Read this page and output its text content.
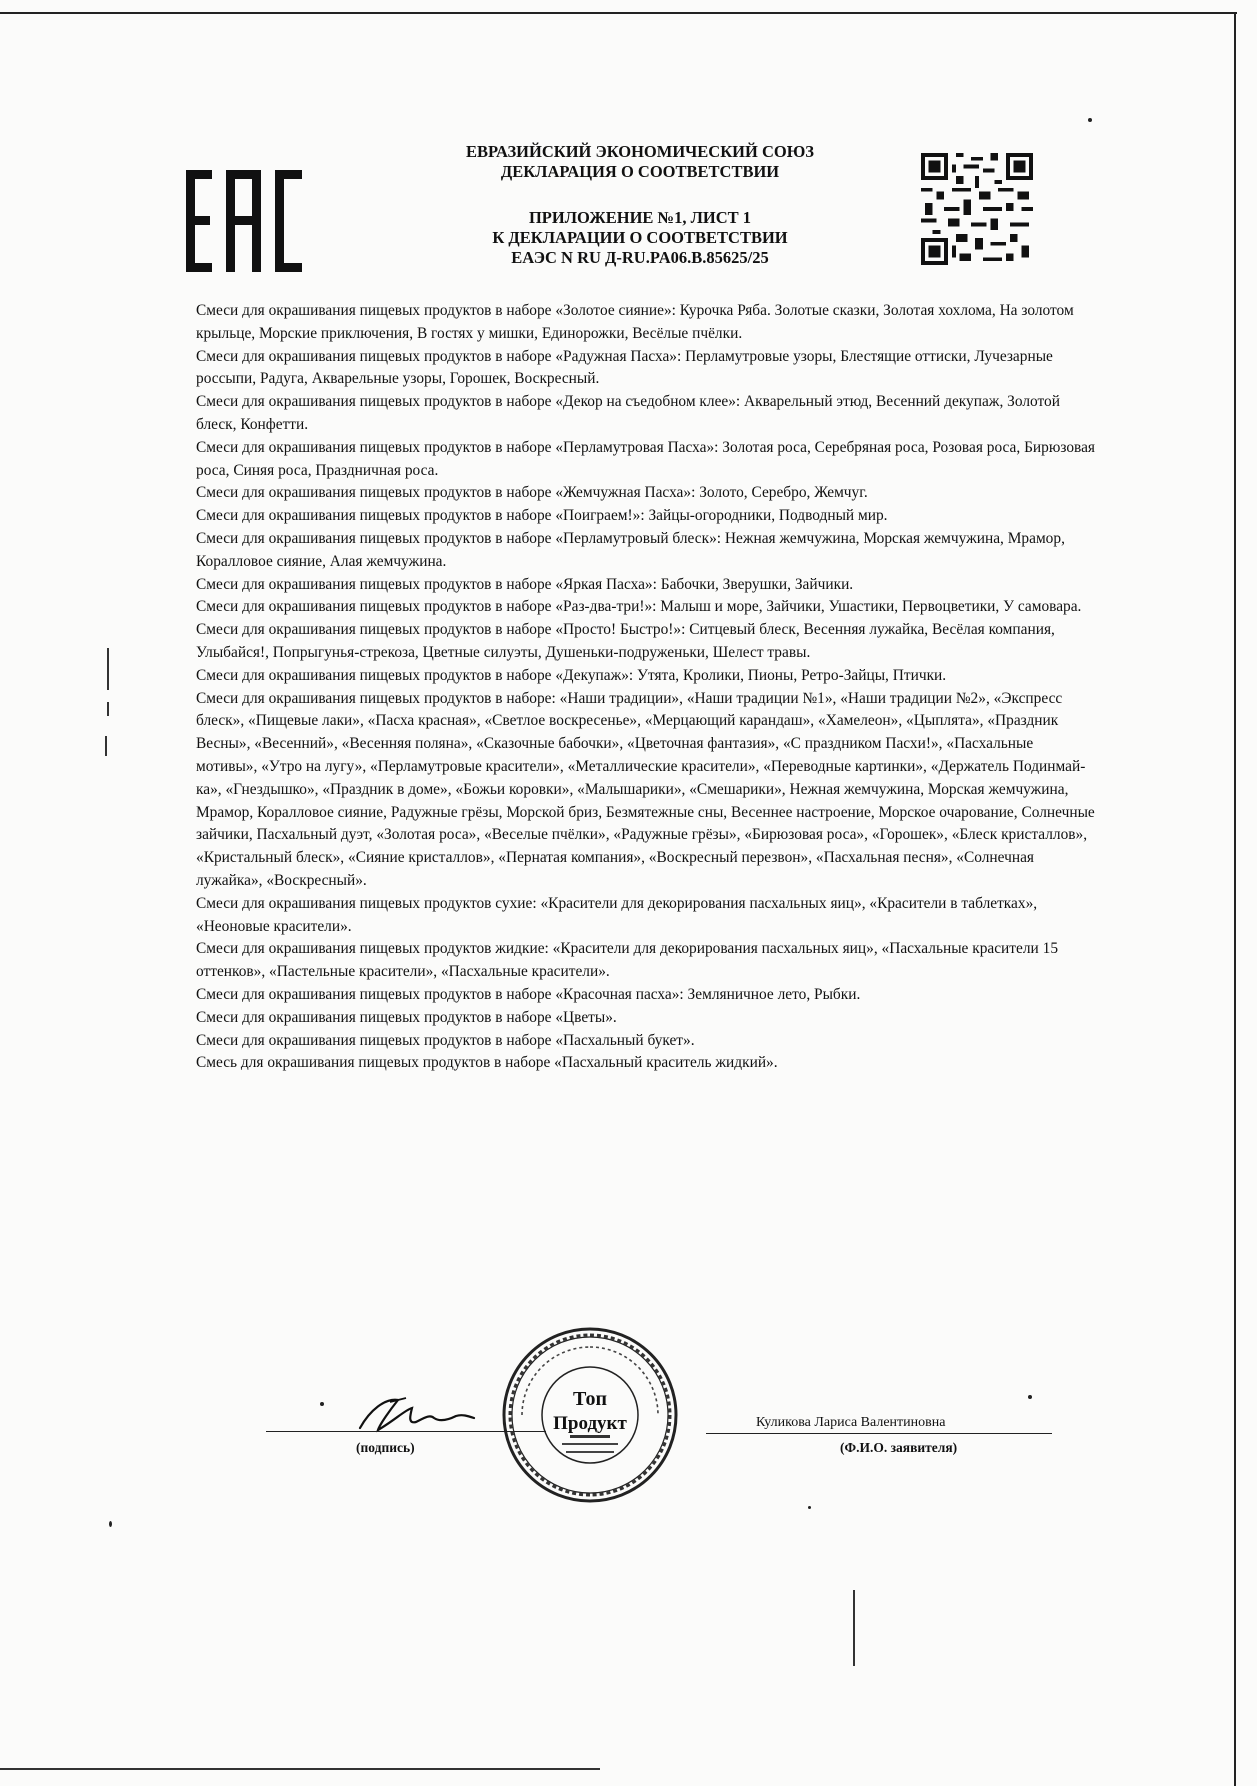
ЕВРАЗИЙСКИЙ ЭКОНОМИЧЕСКИЙ СОЮЗ
ДЕКЛАРАЦИЯ О СООТВЕТСТВИИ
ПРИЛОЖЕНИЕ №1, ЛИСТ 1
К ДЕКЛАРАЦИИ О СООТВЕТСТВИИ
ЕАЭС N RU Д-RU.PA06.B.85625/25

Смеси для окрашивания пищевых продуктов в наборе «Золотое сияние»: Курочка Ряба. Золотые сказки, Золотая хохлома, На золотом крыльце, Морские приключения, В гостях у мишки, Единорожки, Весёлые пчёлки.

Смеси для окрашивания пищевых продуктов в наборе «Радужная Пасха»: Перламутровые узоры, Блестящие оттиски, Лучезарные россыпи, Радуга, Акварельные узоры, Горошек, Воскресный.

Смеси для окрашивания пищевых продуктов в наборе «Декор на съедобном клее»: Акварельный этюд, Весенний декупаж, Золотой блеск, Конфетти.

Смеси для окрашивания пищевых продуктов в наборе «Перламутровая Пасха»: Золотая роса, Серебряная роса, Розовая роса, Бирюзовая роса, Синяя роса, Праздничная роса.

Смеси для окрашивания пищевых продуктов в наборе «Жемчужная Пасха»: Золото, Серебро, Жемчуг.

Смеси для окрашивания пищевых продуктов в наборе «Поиграем!»: Зайцы-огородники, Подводный мир.

Смеси для окрашивания пищевых продуктов в наборе «Перламутровый блеск»: Нежная жемчужина, Морская жемчужина, Мрамор, Коралловое сияние, Алая жемчужина.

Смеси для окрашивания пищевых продуктов в наборе «Яркая Пасха»: Бабочки, Зверушки, Зайчики.

Смеси для окрашивания пищевых продуктов в наборе «Раз-два-три!»: Малыш и море, Зайчики, Ушастики, Первоцветики, У самовара.

Смеси для окрашивания пищевых продуктов в наборе «Просто! Быстро!»: Ситцевый блеск, Весенняя лужайка, Весёлая компания, Улыбайся!, Попрыгунья-стрекоза, Цветные силуэты, Душеньки-подруженьки, Шелест травы.

Смеси для окрашивания пищевых продуктов в наборе «Декупаж»: Утята, Кролики, Пионы, Ретро-Зайцы, Птички.

Смеси для окрашивания пищевых продуктов в наборе: «Наши традиции», «Наши традиции №1», «Наши традиции №2», «Экспресс блеск», «Пищевые лаки», «Пасха красная», «Светлое воскресенье», «Мерцающий карандаш», «Хамелеон», «Цыплята», «Праздник Весны», «Весенний», «Весенняя поляна», «Сказочные бабочки», «Цветочная фантазия», «С праздником Пасхи!», «Пасхальные мотивы», «Утро на лугу», «Перламутровые красители», «Металлические красители», «Переводные картинки», «Держатель Подинмай-ка», «Гнездышко», «Праздник в доме», «Божьи коровки», «Малышарики», «Смешарики», Нежная жемчужина, Морская жемчужина, Мрамор, Коралловое сияние, Радужные грёзы, Морской бриз, Безмятежные сны, Весеннее настроение, Морское очарование, Солнечные зайчики, Пасхальный дуэт, «Золотая роса», «Веселые пчёлки», «Радужные грёзы», «Бирюзовая роса», «Горошек», «Блеск кристаллов», «Кристальный блеск», «Сияние кристаллов», «Пернатая компания», «Воскресный перезвон», «Пасхальная песня», «Солнечная лужайка», «Воскресный».

Смеси для окрашивания пищевых продуктов сухие: «Красители для декорирования пасхальных яиц», «Красители в таблетках», «Неоновые красители».

Смеси для окрашивания пищевых продуктов жидкие: «Красители для декорирования пасхальных яиц», «Пасхальные красители 15 оттенков», «Пастельные красители», «Пасхальные красители».

Смеси для окрашивания пищевых продуктов в наборе «Красочная пасха»: Земляничное лето, Рыбки.

Смеси для окрашивания пищевых продуктов в наборе «Цветы».

Смеси для окрашивания пищевых продуктов в наборе «Пасхальный букет».

Смесь для окрашивания пищевых продуктов в наборе «Пасхальный краситель жидкий».

(подпись)
Куликова Лариса Валентиновна
(Ф.И.О. заявителя)
Топ
Продукт
